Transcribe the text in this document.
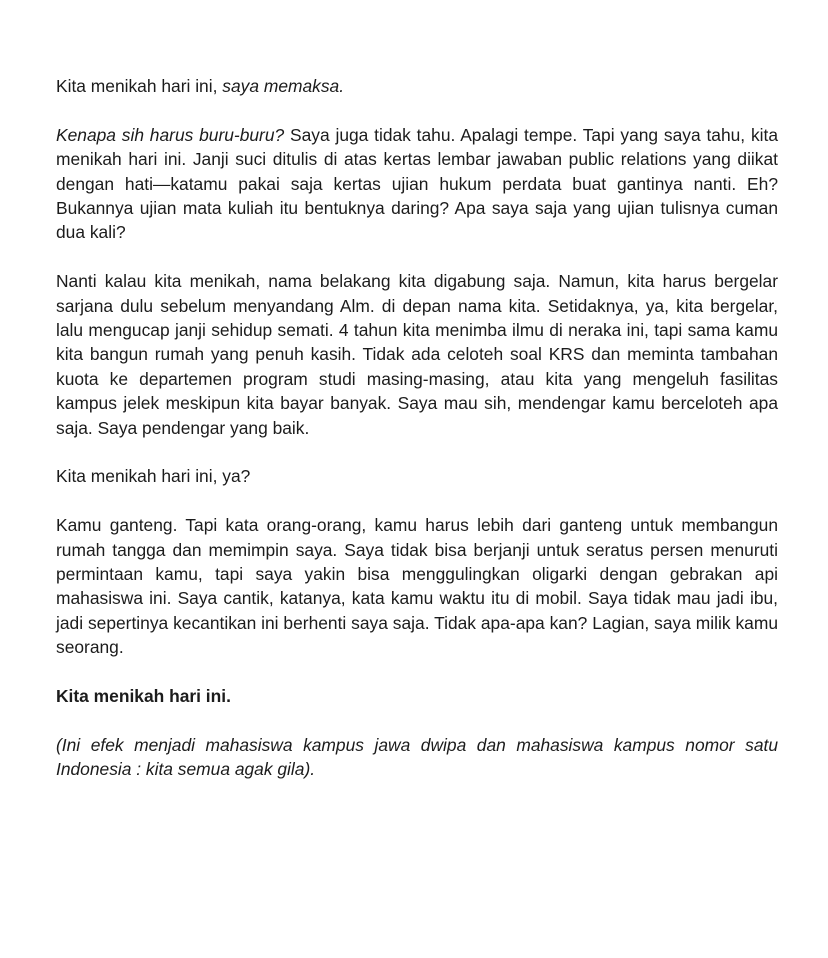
Kita menikah hari ini, saya memaksa.

Kenapa sih harus buru-buru? Saya juga tidak tahu. Apalagi tempe. Tapi yang saya tahu, kita menikah hari ini. Janji suci ditulis di atas kertas lembar jawaban public relations yang diikat dengan hati—katamu pakai saja kertas ujian hukum perdata buat gantinya nanti. Eh? Bukannya ujian mata kuliah itu bentuknya daring? Apa saya saja yang ujian tulisnya cuman dua kali?

Nanti kalau kita menikah, nama belakang kita digabung saja. Namun, kita harus bergelar sarjana dulu sebelum menyandang Alm. di depan nama kita. Setidaknya, ya, kita bergelar, lalu mengucap janji sehidup semati. 4 tahun kita menimba ilmu di neraka ini, tapi sama kamu kita bangun rumah yang penuh kasih. Tidak ada celoteh soal KRS dan meminta tambahan kuota ke departemen program studi masing-masing, atau kita yang mengeluh fasilitas kampus jelek meskipun kita bayar banyak. Saya mau sih, mendengar kamu berceloteh apa saja. Saya pendengar yang baik.

Kita menikah hari ini, ya?

Kamu ganteng. Tapi kata orang-orang, kamu harus lebih dari ganteng untuk membangun rumah tangga dan memimpin saya. Saya tidak bisa berjanji untuk seratus persen menuruti permintaan kamu, tapi saya yakin bisa menggulingkan oligarki dengan gebrakan api mahasiswa ini. Saya cantik, katanya, kata kamu waktu itu di mobil. Saya tidak mau jadi ibu, jadi sepertinya kecantikan ini berhenti saya saja. Tidak apa-apa kan? Lagian, saya milik kamu seorang.

Kita menikah hari ini.

(Ini efek menjadi mahasiswa kampus jawa dwipa dan mahasiswa kampus nomor satu Indonesia : kita semua agak gila).
